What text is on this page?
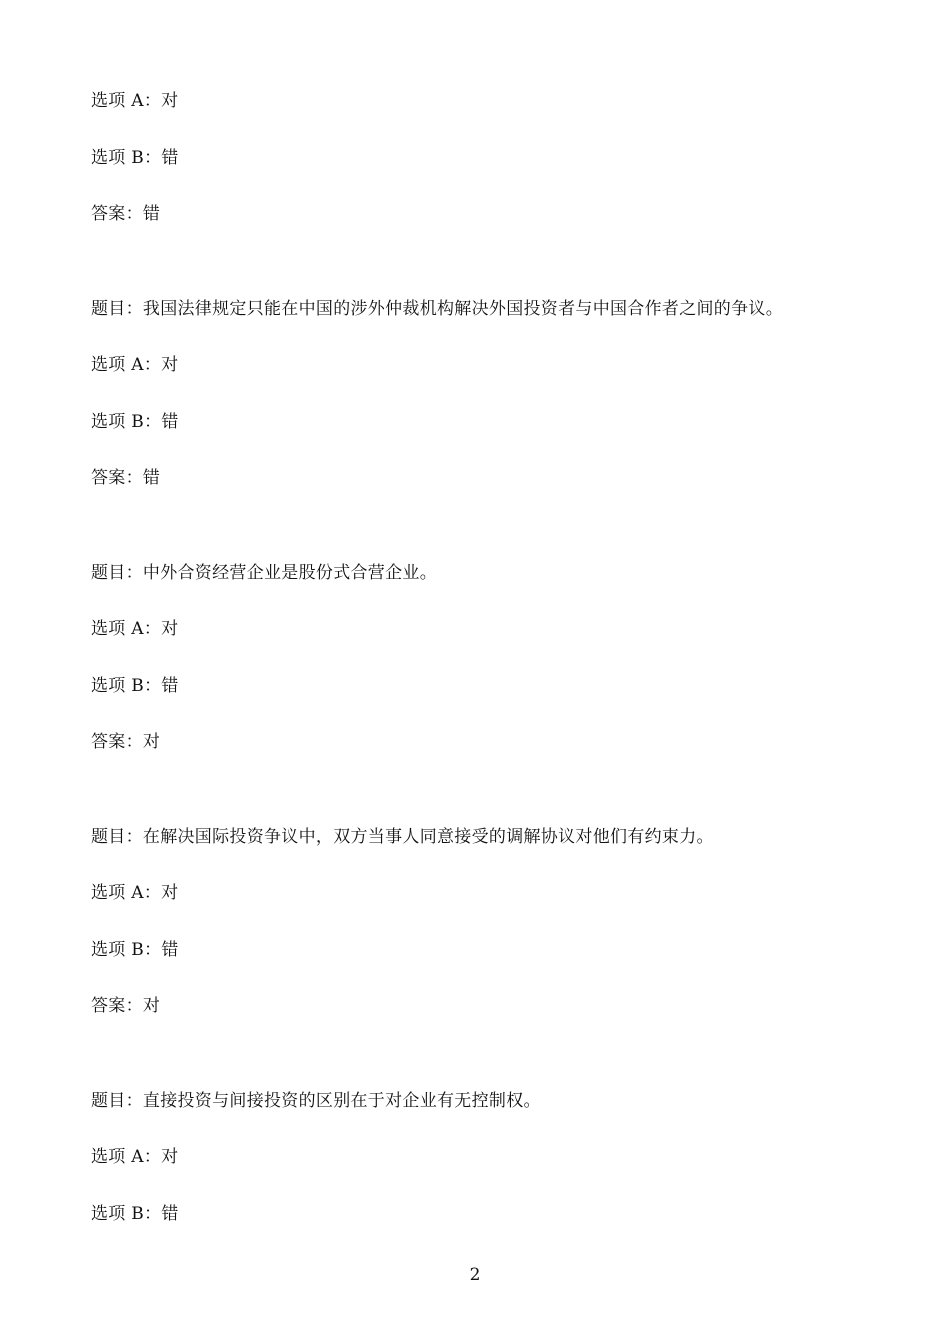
选项 A：对
选项 B：错
答案：错
题目：我国法律规定只能在中国的涉外仲裁机构解决外国投资者与中国合作者之间的争议。
选项 A：对
选项 B：错
答案：错
题目：中外合资经营企业是股份式合营企业。
选项 A：对
选项 B：错
答案：对
题目：在解决国际投资争议中，双方当事人同意接受的调解协议对他们有约束力。
选项 A：对
选项 B：错
答案：对
题目：直接投资与间接投资的区别在于对企业有无控制权。
选项 A：对
选项 B：错
2
